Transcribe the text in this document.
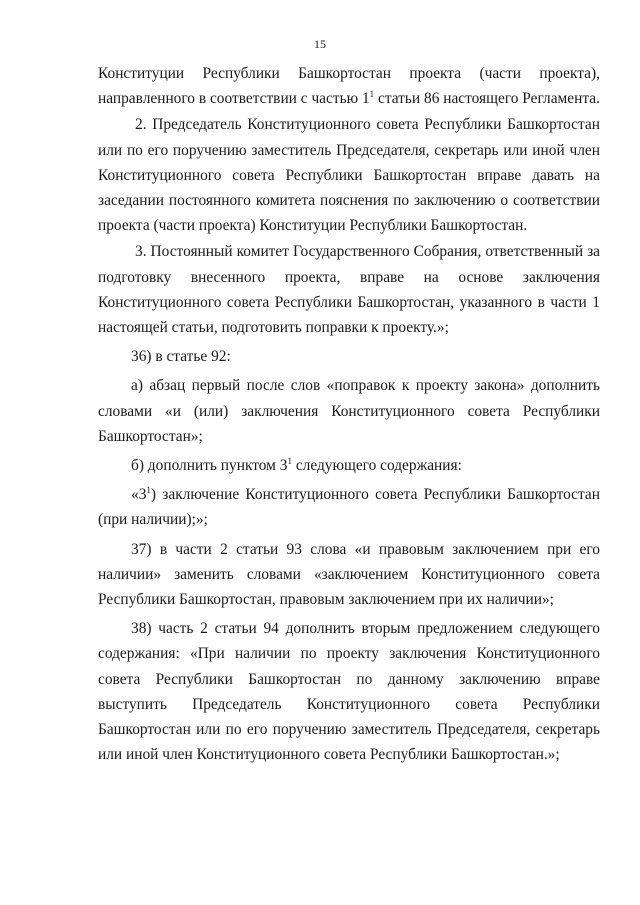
15

Конституции Республики Башкортостан проекта (части проекта), направленного в соответствии с частью $1^1$ статьи 86 настоящего Регламента.

2. Председатель Конституционного совета Республики Башкортостан или по его поручению заместитель Председателя, секретарь или иной член Конституционного совета Республики Башкортостан вправе давать на заседании постоянного комитета пояснения по заключению о соответствии проекта (части проекта) Конституции Республики Башкортостан.

3. Постоянный комитет Государственного Собрания, ответственный за подготовку внесенного проекта, вправе на основе заключения Конституционного совета Республики Башкортостан, указанного в части 1 настоящей статьи, подготовить поправки к проекту.»;

36) в статье 92:

а) абзац первый после слов «поправок к проекту закона» дополнить словами «и (или) заключения Конституционного совета Республики Башкортостан»;

б) дополнить пунктом $3^1$ следующего содержания:

«$3^1$) заключение Конституционного совета Республики Башкортостан (при наличии);»;

37) в части 2 статьи 93 слова «и правовым заключением при его наличии» заменить словами «заключением Конституционного совета Республики Башкортостан, правовым заключением при их наличии»;

38) часть 2 статьи 94 дополнить вторым предложением следующего содержания: «При наличии по проекту заключения Конституционного совета Республики Башкортостан по данному заключению вправе выступить Председатель Конституционного совета Республики Башкортостан или по его поручению заместитель Председателя, секретарь или иной член Конституционного совета Республики Башкортостан.»;
